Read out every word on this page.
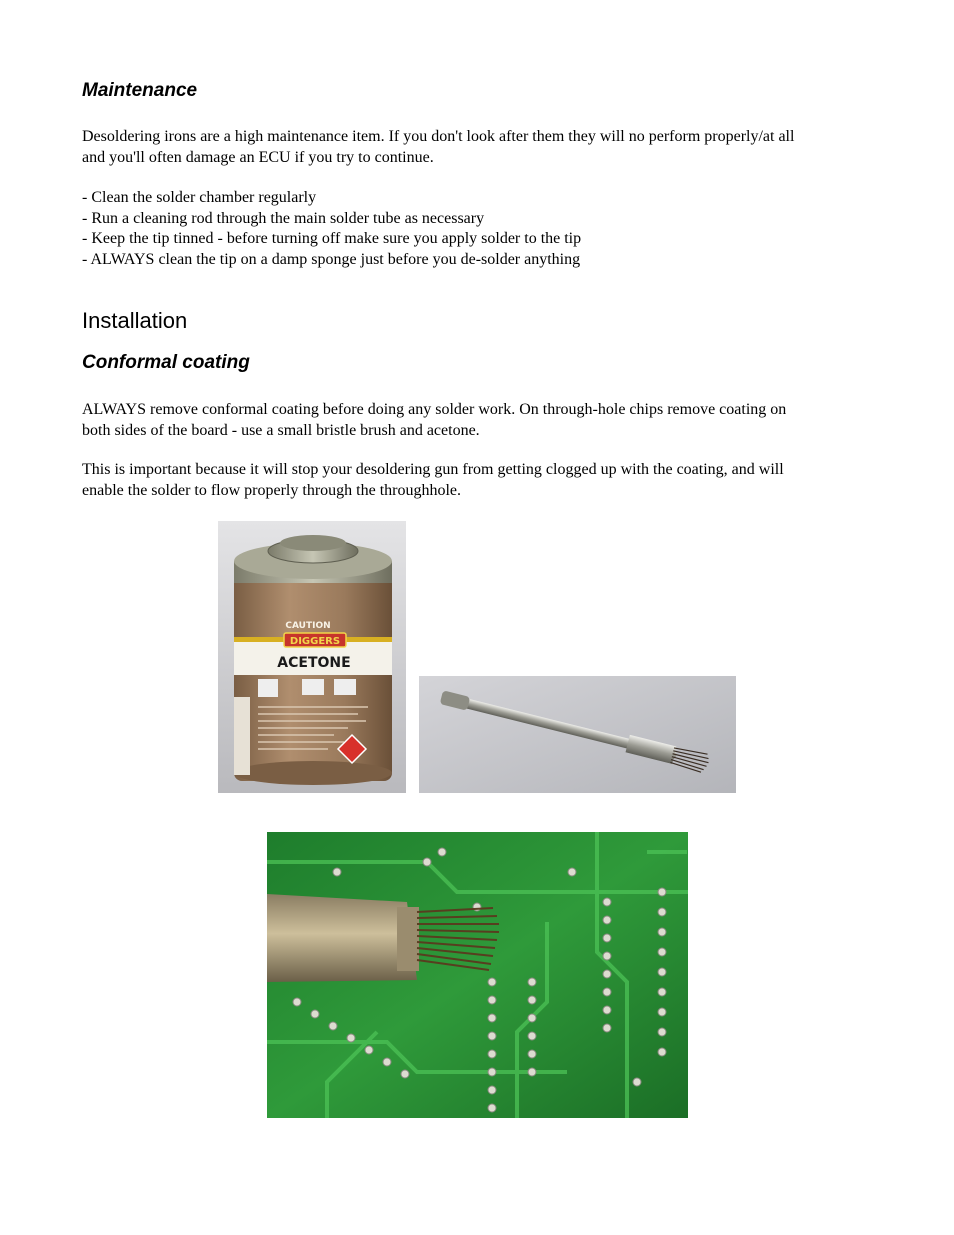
Maintenance
Desoldering irons are a high maintenance item. If you don't look after them they will no perform properly/at all
and you'll often damage an ECU if you try to continue.
- Clean the solder chamber regularly
- Run a cleaning rod through the main solder tube as necessary
- Keep the tip tinned - before turning off make sure you apply solder to the tip
- ALWAYS clean the tip on a damp sponge just before you de-solder anything
Installation
Conformal coating
ALWAYS remove conformal coating before doing any solder work. On through-hole chips remove coating on
both sides of the board - use a small bristle brush and acetone.
This is important because it will stop your desoldering gun from getting clogged up with the coating, and will
enable the solder to flow properly through the throughhole.
DIGGERS
CAUTION
ACETONE
